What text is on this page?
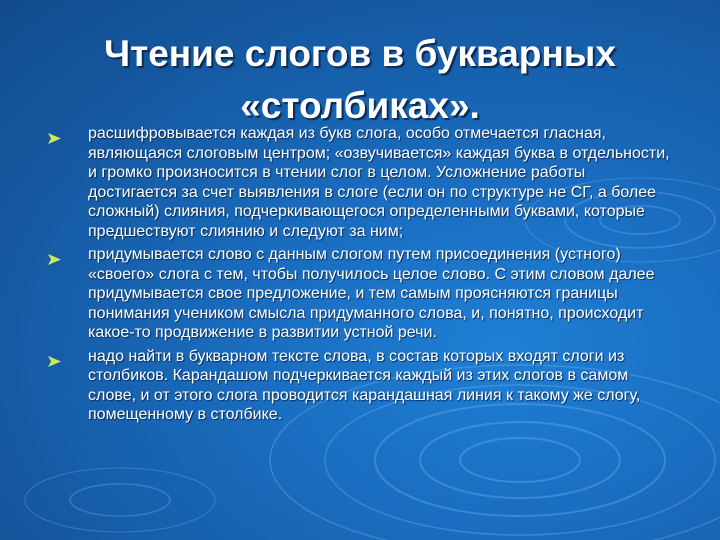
Чтение слогов в букварных
«столбиках».
расшифровывается каждая из букв слога, особо отмечается гласная, являющаяся слоговым центром; «озвучивается» каждая буква в отдельности, и громко произносится в чтении слог в целом. Усложнение работы достигается за счет выявления в слоге (если он по структуре не СГ, а более сложный) слияния, подчеркивающегося определенными буквами, которые предшествуют слиянию и следуют за ним;
придумывается слово с данным слогом путем присоединения (устного) «своего» слога с тем, чтобы получилось целое слово. С этим словом далее придумывается свое предложение, и тем самым проясняются границы понимания учеником смысла придуманного слова, и, понятно, происходит какое-то продвижение в развитии устной речи.
надо найти в букварном тексте слова, в состав которых входят слоги из столбиков. Карандашом подчеркивается каждый из этих слогов в самом слове, и от этого слога проводится карандашная линия к такому же слогу, помещенному в столбике.
